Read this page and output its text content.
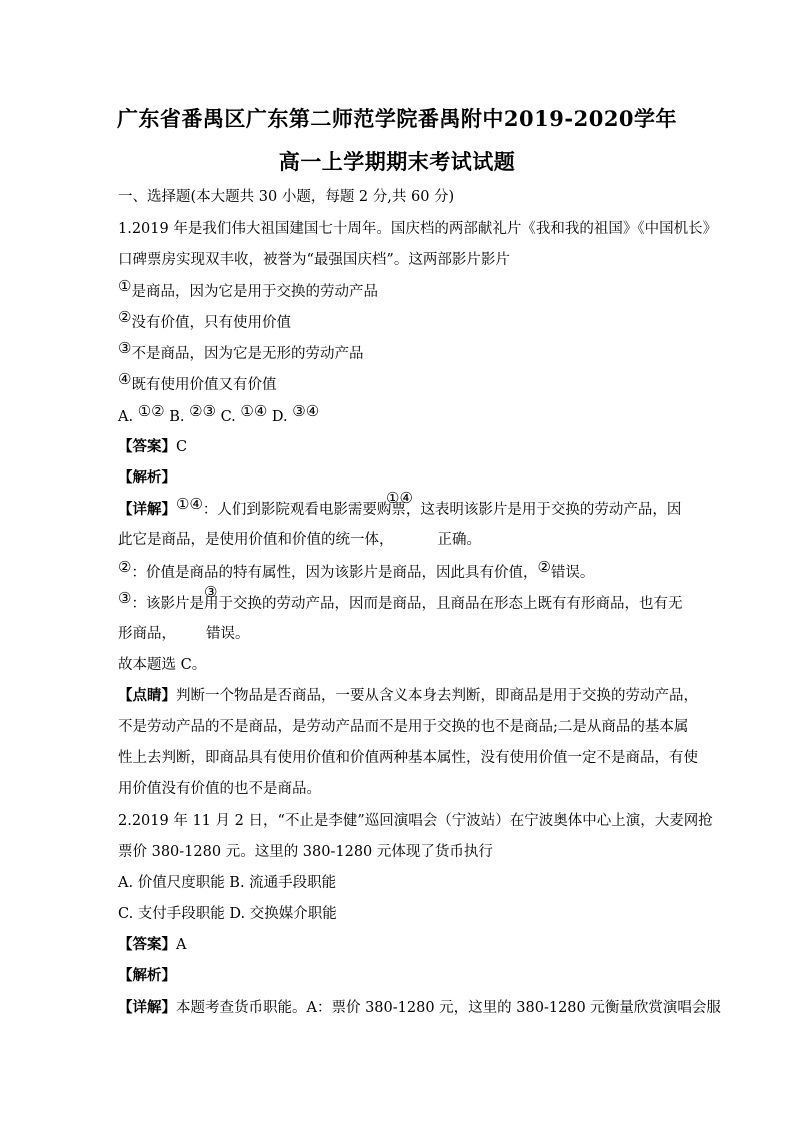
广东省番禺区广东第二师范学院番禺附中2019-2020学年
高一上学期期末考试试题
一、选择题(本大题共 30 小题，每题 2 分,共 60 分)
1.2019 年是我们伟大祖国建国七十周年。国庆档的两部献礼片《我和我的祖国》《中国机长》
口碑票房实现双丰收，被誉为“最强国庆档”。这两部影片影片
①是商品，因为它是用于交换的劳动产品
②没有价值，只有使用价值
③不是商品，因为它是无形的劳动产品
④既有使用价值又有价值
A. ①② B. ②③ C. ①④ D. ③④
【答案】C
【解析】
【详解】①④：人们到影院观看电影需要购票，这表明该影片是用于交换的劳动产品，因
①④
此它是商品，是使用价值和价值的统一体，	正确。
②：价值是商品的特有属性，因为该影片是商品，因此具有价值，②错误。
③：该影片是用于交换的劳动产品，因而是商品，且商品在形态上既有有形商品，也有无
③
形商品， 错误。
故本题选 C。
【点睛】判断一个物品是否商品，一要从含义本身去判断，即商品是用于交换的劳动产品，
不是劳动产品的不是商品，是劳动产品而不是用于交换的也不是商品;二是从商品的基本属
性上去判断，即商品具有使用价值和价值两种基本属性，没有使用价值一定不是商品，有使
用价值没有价值的也不是商品。
2.2019 年 11 月 2 日，“不止是李健”巡回演唱会（宁波站）在宁波奥体中心上演，大麦网抢
票价 380-1280 元。这里的 380-1280 元体现了货币执行
A. 价值尺度职能 B. 流通手段职能
C. 支付手段职能 D. 交换媒介职能
【答案】A
【解析】
【详解】本题考查货币职能。A：票价 380-1280 元，这里的 380-1280 元衡量欣赏演唱会服
